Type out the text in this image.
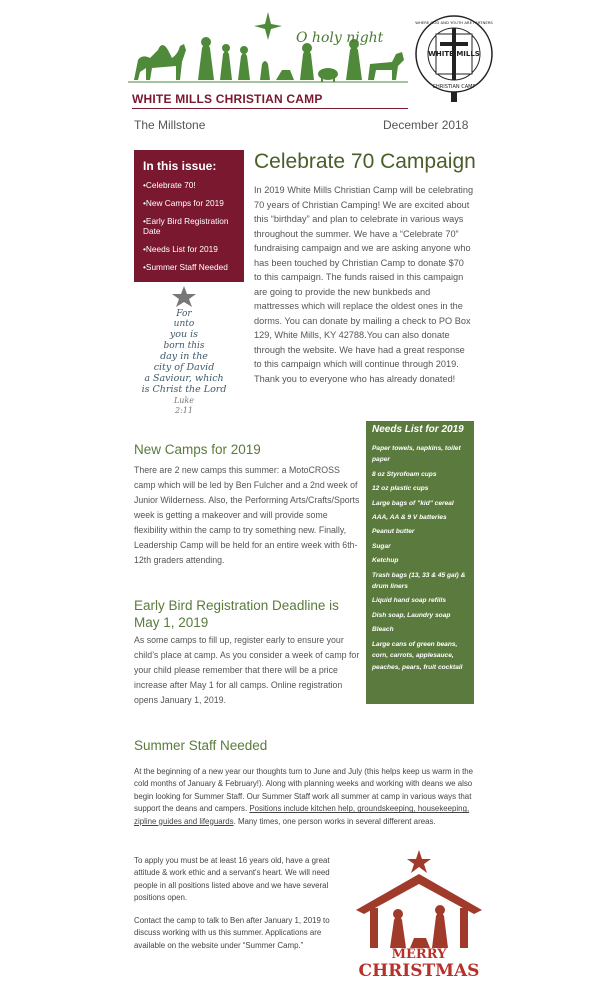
O holy night
WHITE MILLS CHRISTIAN CAMP
WHITE MILLS
WHERE GOD AND YOUTH ARE PARTNERS
CHRISTIAN CAMP
The Millstone	December 2018
In this issue:
• Celebrate 70!
• New Camps for 2019
• Early Bird Registration Date
• Needs List for 2019
• Summer Staff Needed
For
unto
you is
born this
day in the
city of David
a Saviour, which
is Christ the Lord
Luke
2:11
Celebrate 70 Campaign
In 2019 White Mills Christian Camp will be celebrating 70 years of Christian Camping! We are excited about this “birthday” and plan to celebrate in various ways throughout the summer. We have a “Celebrate 70” fundraising campaign and we are asking anyone who has been touched by Christian Camp to donate $70 to this campaign. The funds raised in this campaign are going to provide the new bunkbeds and mattresses which will replace the oldest ones in the dorms. You can donate by mailing a check to PO Box 129, White Mills, KY 42788.You can also donate through the website. We have had a great response to this campaign which will continue through 2019. Thank you to everyone who has already donated!
Needs List for 2019
Paper towels, napkins, toilet paper
8 oz Styrofoam cups
12 oz plastic cups
Large bags of "kid" cereal
AAA, AA & 9 V batteries
Peanut butter
Sugar
Ketchup
Trash bags (13, 33 & 45 gal) & drum liners
Liquid hand soap refills
Dish soap, Laundry soap
Bleach
Large cans of green beans, corn, carrots, applesauce, peaches, pears, fruit cocktail
New Camps for 2019
There are 2 new camps this summer: a MotoCROSS camp which will be led by Ben Fulcher and a 2nd week of Junior Wilderness. Also, the Performing Arts/Crafts/Sports week is getting a makeover and will provide some flexibility within the camp to try something new. Finally, Leadership Camp will be held for an entire week with 6th-12th graders attending.
Early Bird Registration Deadline is May 1, 2019
As some camps to fill up, register early to ensure your child’s place at camp. As you consider a week of camp for your child please remember that there will be a price increase after May 1 for all camps. Online registration opens January 1, 2019.
Summer Staff Needed
At the beginning of a new year our thoughts turn to June and July (this helps keep us warm in the cold months of January & February!). Along with planning weeks and working with deans we also begin looking for Summer Staff. Our Summer Staff work all summer at camp in various ways that support the deans and campers. Positions include kitchen help, groundskeeping, housekeeping, zipline guides and lifeguards. Many times, one person works in several different areas.
To apply you must be at least 16 years old, have a great attitude & work ethic and a servant's heart. We will need people in all positions listed above and we have several positions open.
Contact the camp to talk to Ben after January 1, 2019 to discuss working with us this summer. Applications are available on the website under “Summer Camp.”
MERRY
CHRISTMAS
